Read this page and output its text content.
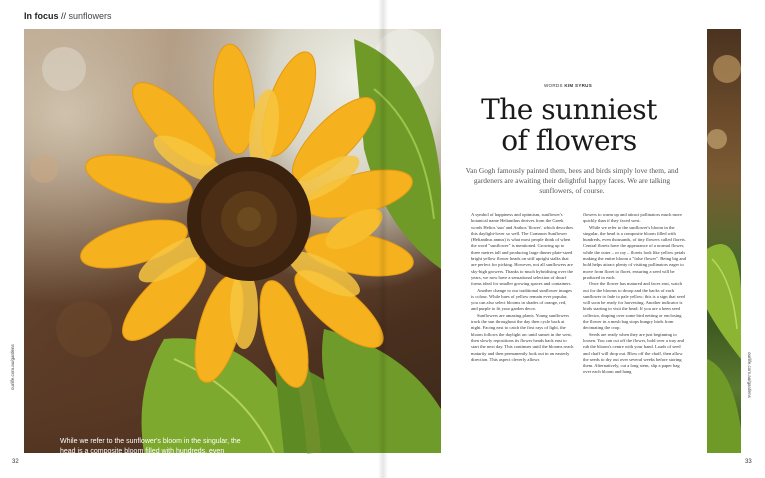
In focus // sunflowers
While we refer to the sunflower's bloom in the singular, the head is a composite bloom filled with hundreds, even thousands, of tiny flowers called florets
ourlife.com.au/gardens	ourlife.com.au/gardens
32	33
WORDS KIM SYRUS
The sunniest
of flowers

Van Gogh famously painted them, bees and birds simply love them, and gardeners are awaiting their delightful happy faces. We are talking sunflowers, of course.

A symbol of happiness and optimism, sunflower's botanical name Helianthus derives from the Greek words Helios 'sun' and Anthos 'flower', which describes this daylight-lover so well. The Common Sunflower (Helianthus annus) is what most people think of when the word "sunflower" is mentioned. Growing up to three metres tall and producing large dinner plate-sized bright yellow flower heads on stiff upright stalks that are perfect for picking. However, not all sunflowers are sky-high growers. Thanks to much hybridising over the years, we now have a sensational selection of dwarf forms ideal for smaller growing spaces and containers.

Another change to our traditional sunflower images is colour. While hues of yellow remain ever popular, you can also select blooms in shades of orange, red, and purple to fit your garden decor.

Sunflowers are amazing plants. Young sunflowers track the sun throughout the day then cycle back at night. Facing east to catch the first rays of light, the bloom follows the daylight arc until sunset in the west, then slowly repositions its flower heads back east to start the next day. This continues until the blooms reach maturity and then permanently look out in an easterly direction. This aspect cleverly allows

flowers to warm up and attract pollinators much more quickly than if they faced west.

While we refer to the sunflower's bloom in the singular, the head is a composite bloom filled with hundreds, even thousands, of tiny flowers called florets. Central florets have the appearance of a normal flower, while the outer – or ray – florets look like yellow petals making the entire bloom a "false flower". Being big and bold helps attract plenty of visiting pollinators eager to move from floret to floret, ensuring a seed will be produced in each.

Once the flower has matured and faces east, watch out for the blooms to droop and the backs of each sunflower to fade to pale yellow; this is a sign that seed will soon be ready for harvesting. Another indicator is birds starting to visit the head. If you are a keen seed collector, draping over some bird netting or enclosing the flower in a mesh bag stops hungry birds from decimating the crop.

Seeds are ready when they are just beginning to loosen. You can cut off the flower, hold over a tray and rub the bloom's centre with your hand. Loads of seed and chaff will drop out. Blow off the chaff, then allow the seeds to dry out over several weeks before storing them. Alternatively, cut a long stem, slip a paper bag over each bloom and hang
